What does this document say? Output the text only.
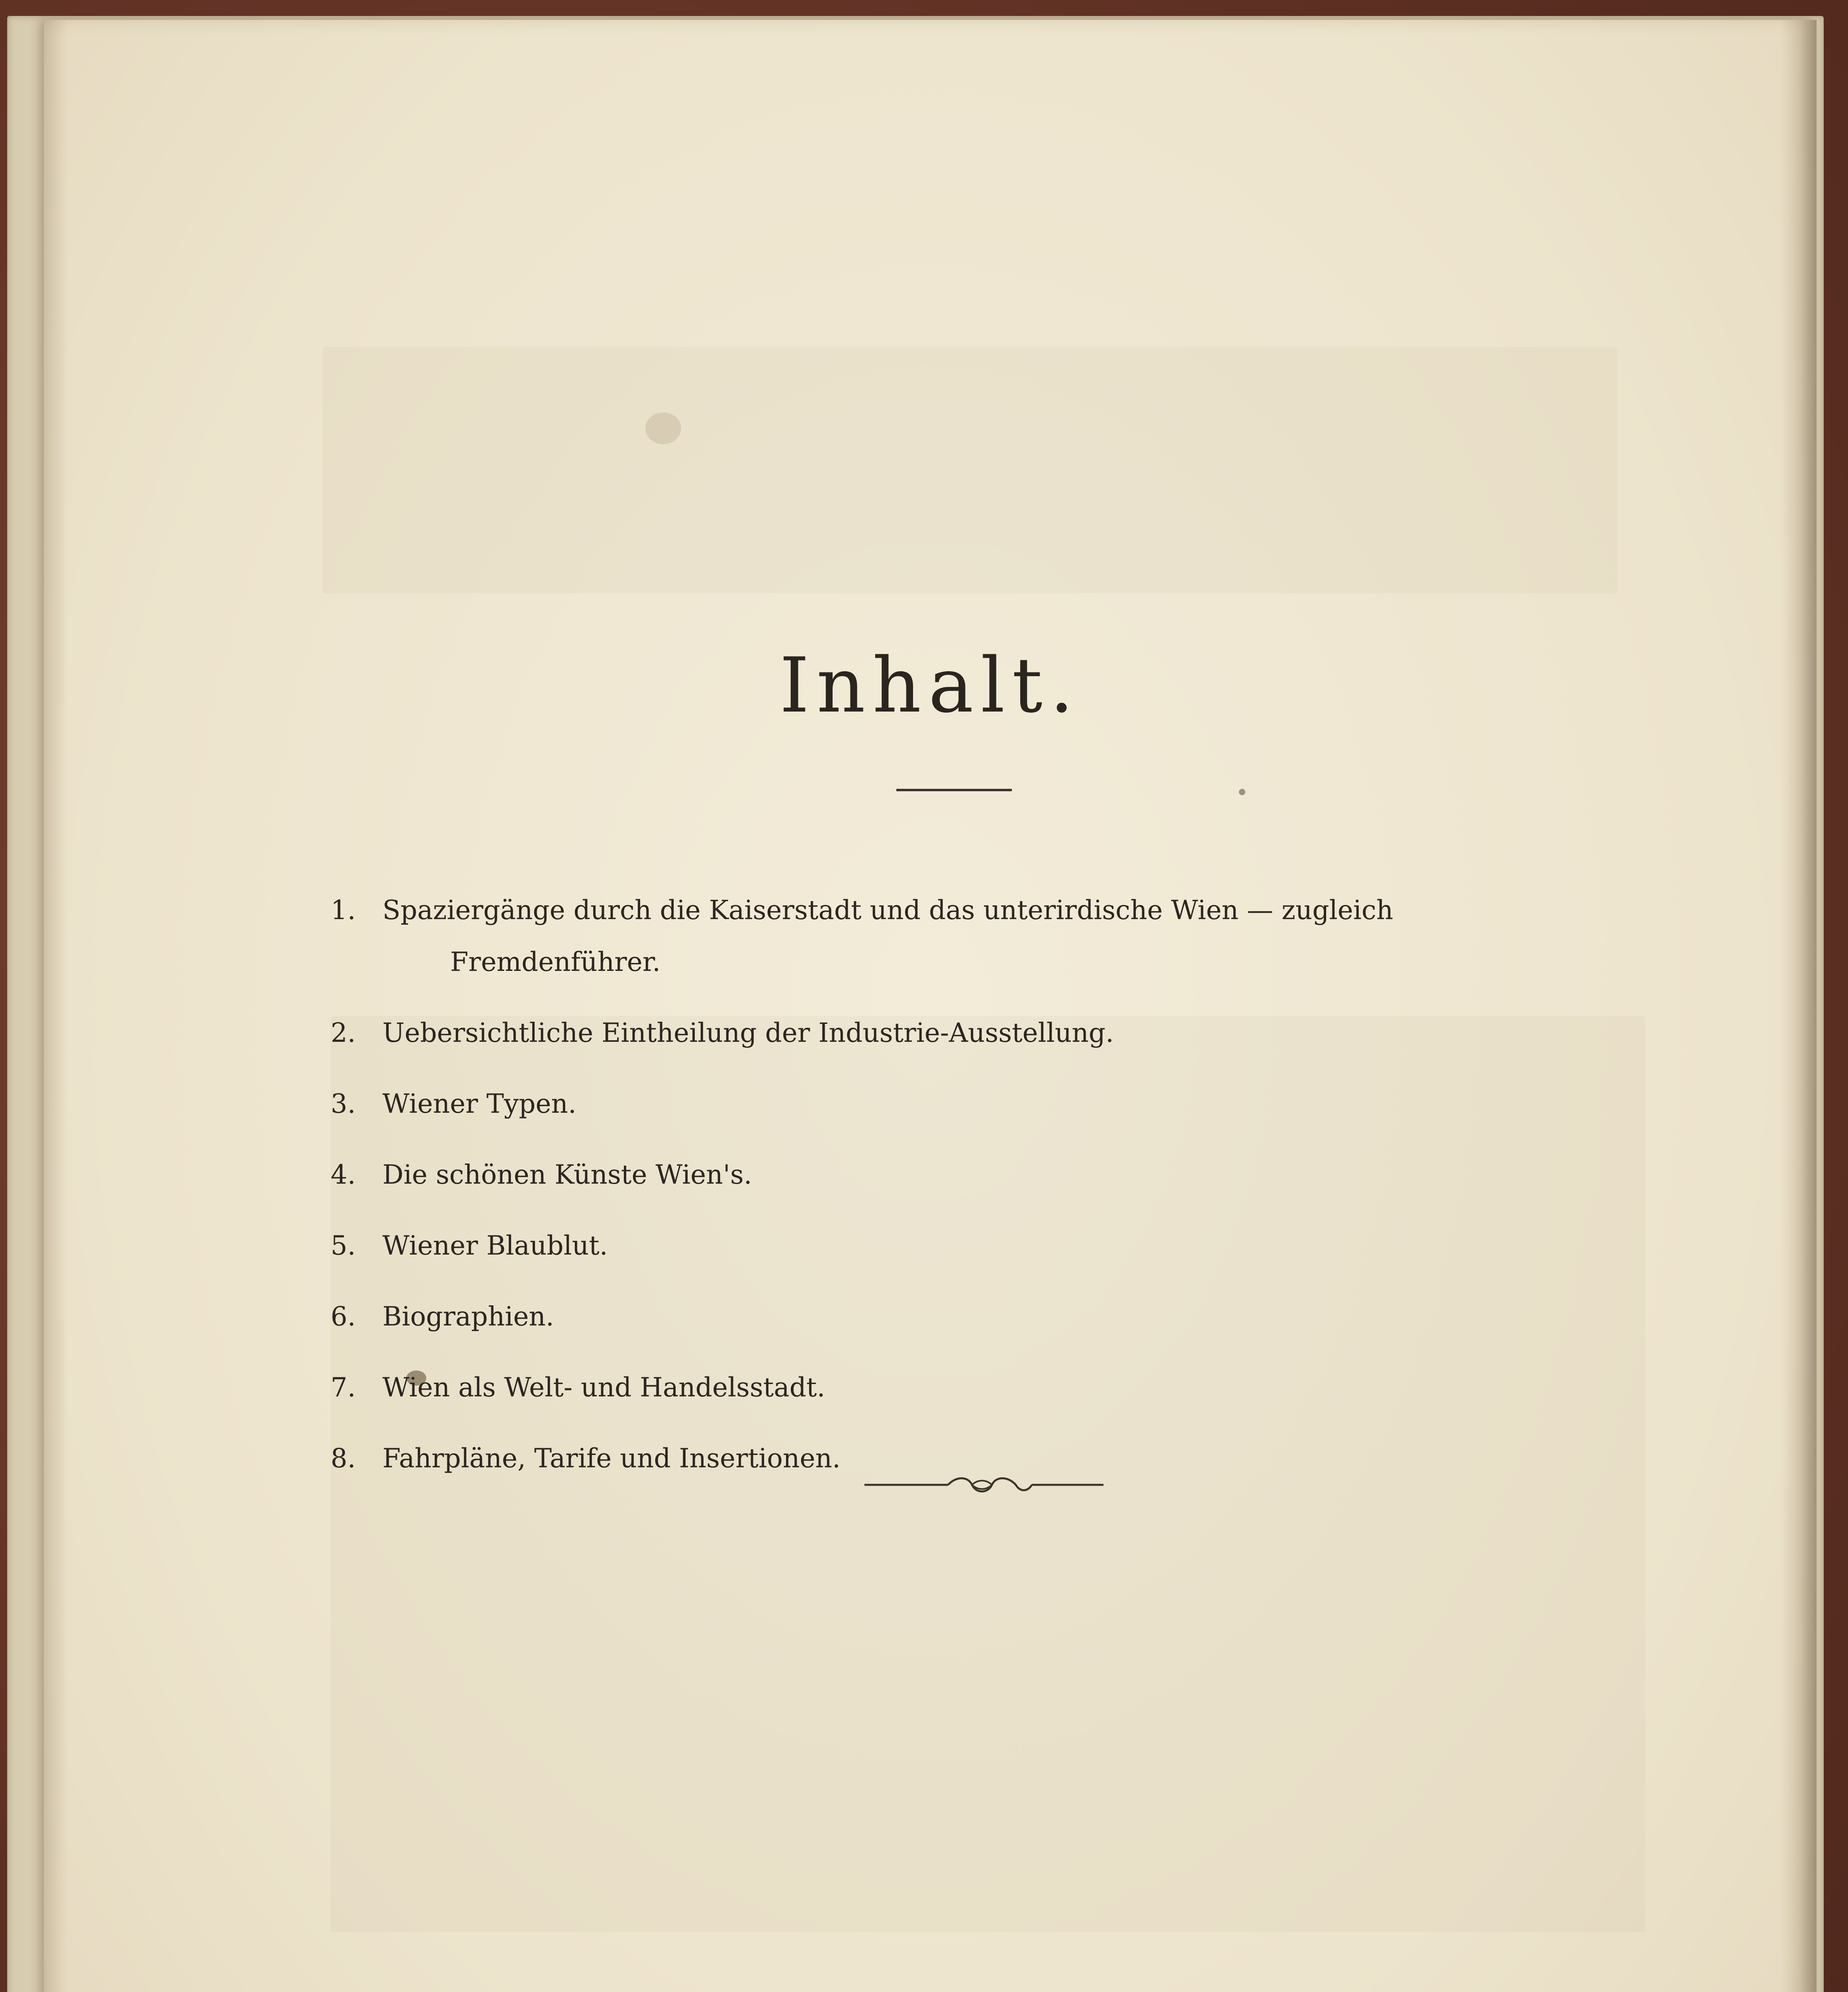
Inhalt.
1.	Spaziergänge durch die Kaiserstadt und das unterirdische Wien — zugleich
Fremdenführer.
2.	Uebersichtliche Eintheilung der Industrie-Ausstellung.
3.	Wiener Typen.
4.	Die schönen Künste Wien's.
5.	Wiener Blaublut.
6.	Biographien.
7.	Wien als Welt- und Handelsstadt.
8.	Fahrpläne, Tarife und Insertionen.
